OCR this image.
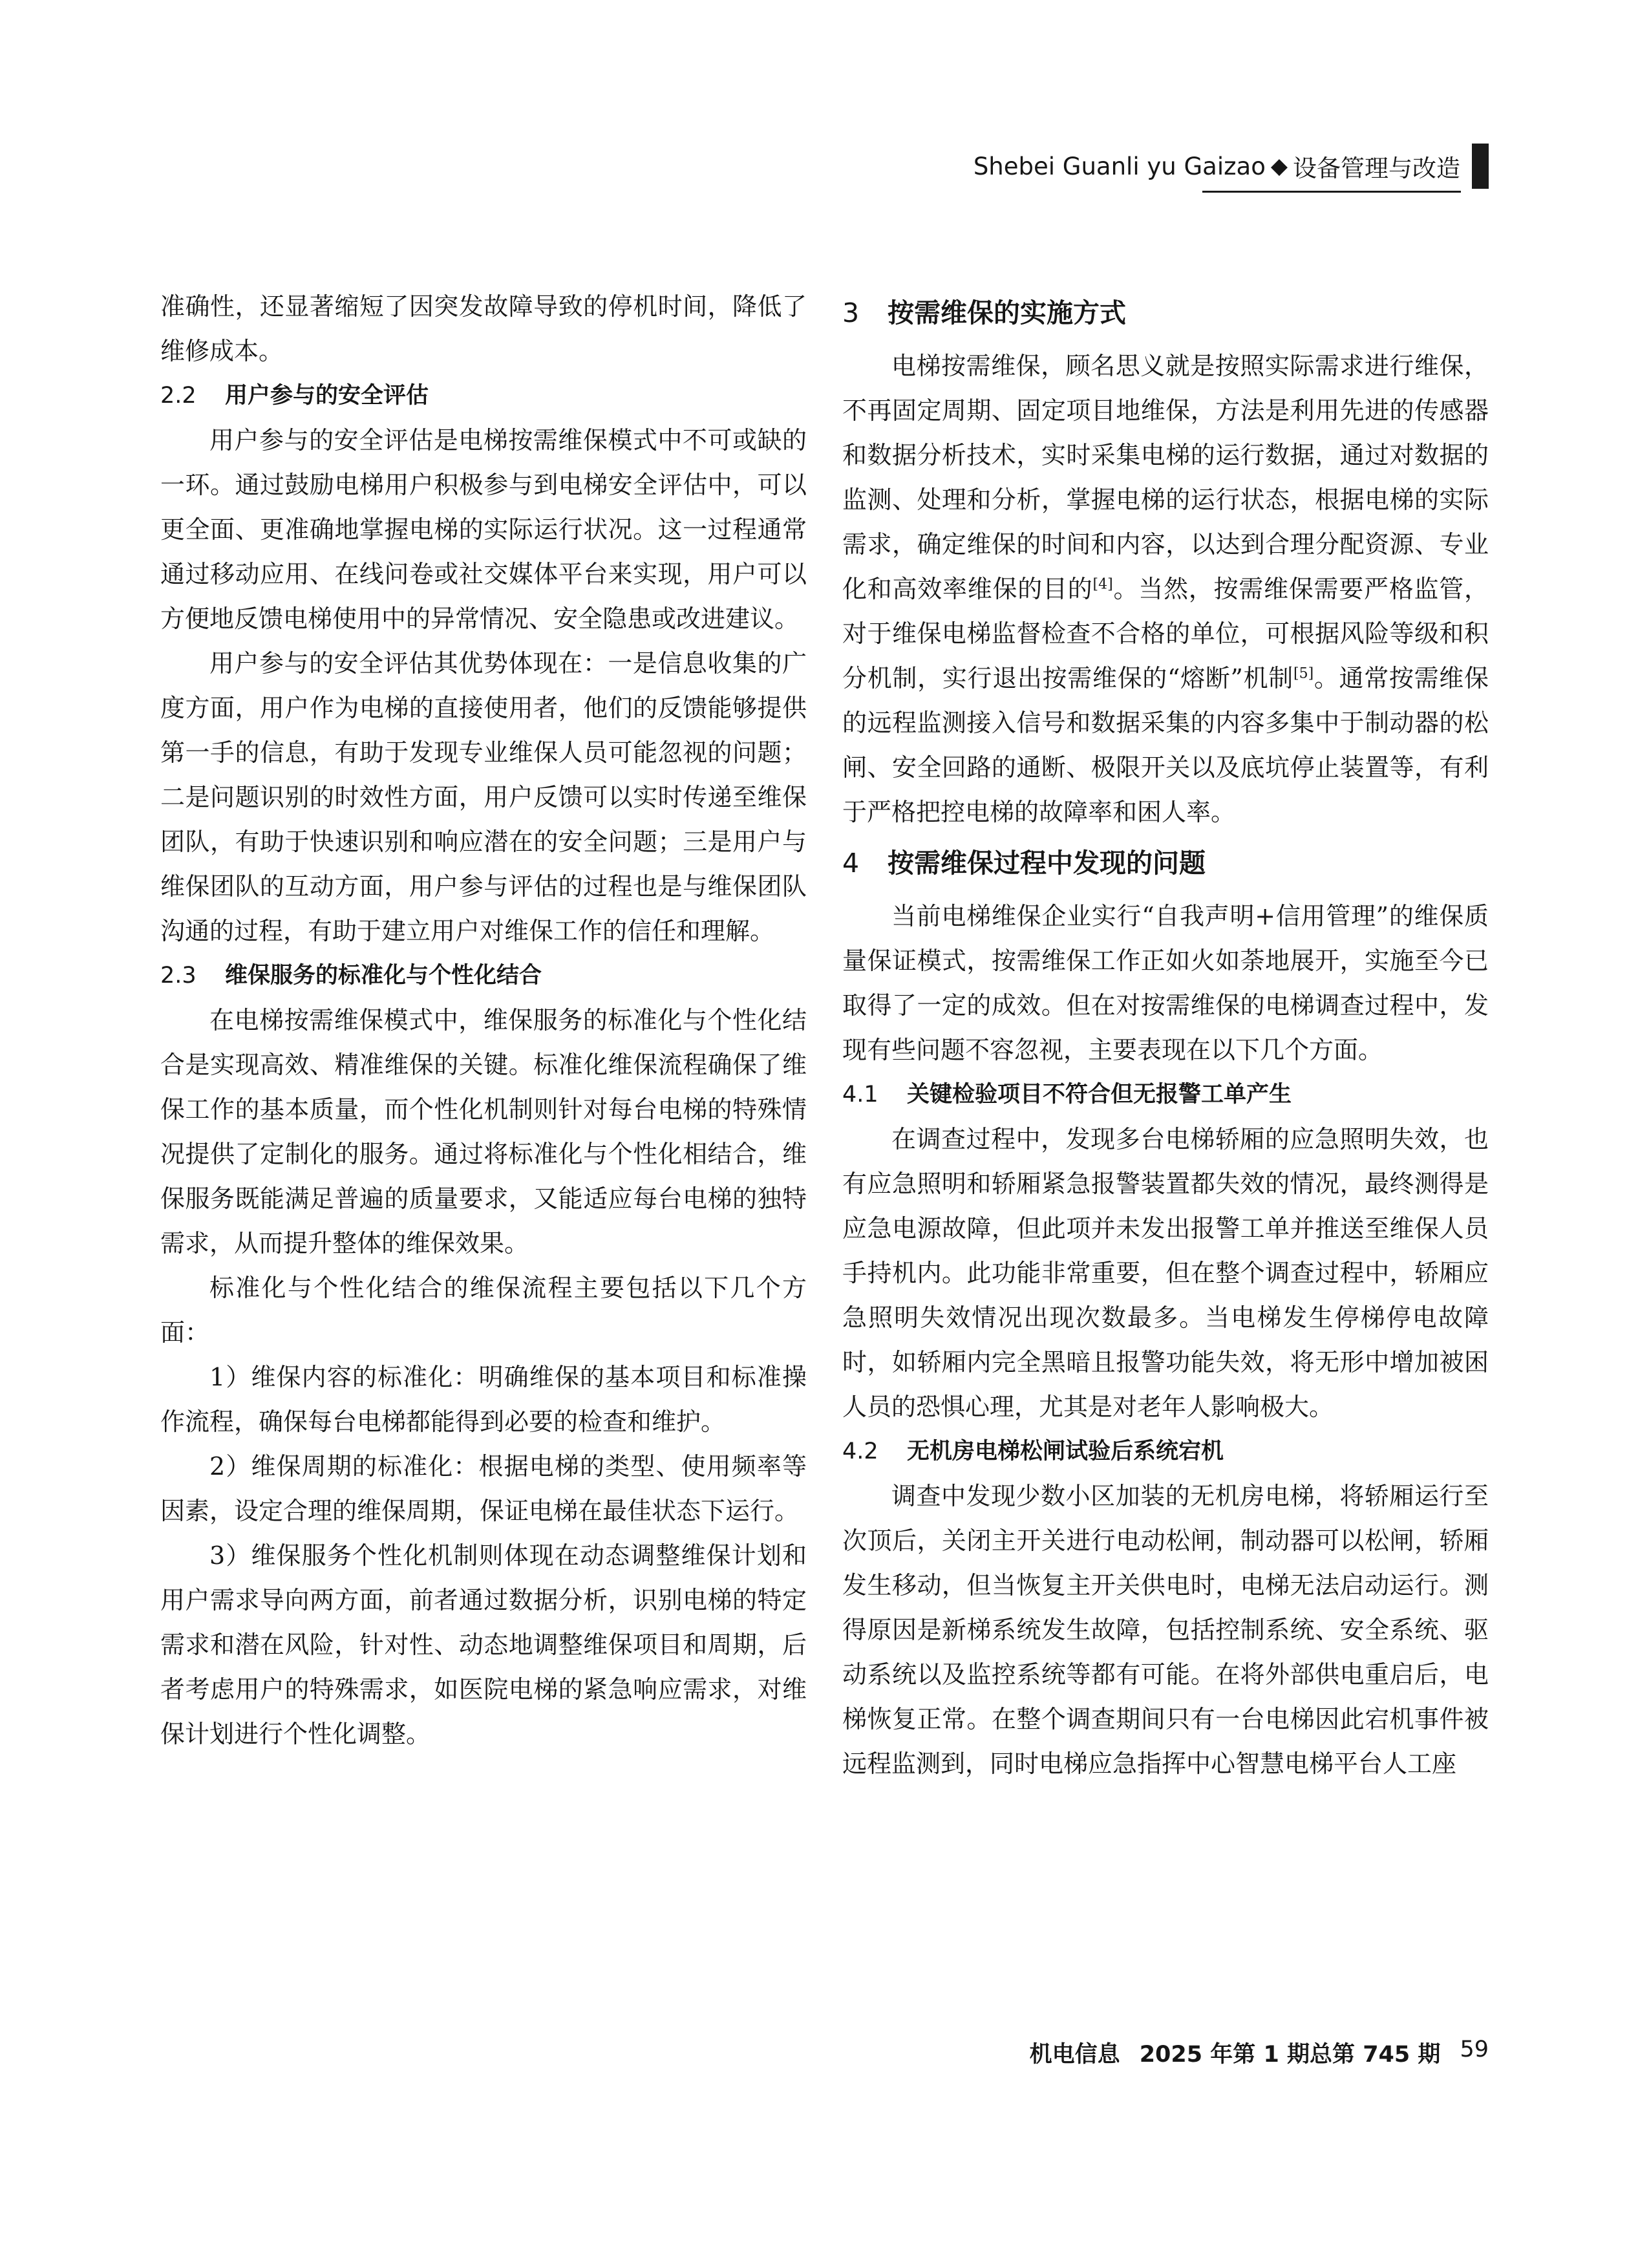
Shebei Guanli yu Gaizao ◆ 设备管理与改造

准确性，还显著缩短了因突发故障导致的停机时间，降低了维修成本。

2.2 用户参与的安全评估

用户参与的安全评估是电梯按需维保模式中不可或缺的一环。通过鼓励电梯用户积极参与到电梯安全评估中，可以更全面、更准确地掌握电梯的实际运行状况。这一过程通常通过移动应用、在线问卷或社交媒体平台来实现，用户可以方便地反馈电梯使用中的异常情况、安全隐患或改进建议。

用户参与的安全评估其优势体现在：一是信息收集的广度方面，用户作为电梯的直接使用者，他们的反馈能够提供第一手的信息，有助于发现专业维保人员可能忽视的问题；二是问题识别的时效性方面，用户反馈可以实时传递至维保团队，有助于快速识别和响应潜在的安全问题；三是用户与维保团队的互动方面，用户参与评估的过程也是与维保团队沟通的过程，有助于建立用户对维保工作的信任和理解。

2.3 维保服务的标准化与个性化结合

在电梯按需维保模式中，维保服务的标准化与个性化结合是实现高效、精准维保的关键。标准化维保流程确保了维保工作的基本质量，而个性化机制则针对每台电梯的特殊情况提供了定制化的服务。通过将标准化与个性化相结合，维保服务既能满足普遍的质量要求，又能适应每台电梯的独特需求，从而提升整体的维保效果。

标准化与个性化结合的维保流程主要包括以下几个方面：

1）维保内容的标准化：明确维保的基本项目和标准操作流程，确保每台电梯都能得到必要的检查和维护。

2）维保周期的标准化：根据电梯的类型、使用频率等因素，设定合理的维保周期，保证电梯在最佳状态下运行。

3）维保服务个性化机制则体现在动态调整维保计划和用户需求导向两方面，前者通过数据分析，识别电梯的特定需求和潜在风险，针对性、动态地调整维保项目和周期，后者考虑用户的特殊需求，如医院电梯的紧急响应需求，对维保计划进行个性化调整。

3 按需维保的实施方式

电梯按需维保，顾名思义就是按照实际需求进行维保，不再固定周期、固定项目地维保，方法是利用先进的传感器和数据分析技术，实时采集电梯的运行数据，通过对数据的监测、处理和分析，掌握电梯的运行状态，根据电梯的实际需求，确定维保的时间和内容，以达到合理分配资源、专业化和高效率维保的目的[4]。当然，按需维保需要严格监管，对于维保电梯监督检查不合格的单位，可根据风险等级和积分机制，实行退出按需维保的“熔断”机制[5]。通常按需维保的远程监测接入信号和数据采集的内容多集中于制动器的松闸、安全回路的通断、极限开关以及底坑停止装置等，有利于严格把控电梯的故障率和困人率。

4 按需维保过程中发现的问题

当前电梯维保企业实行“自我声明+信用管理”的维保质量保证模式，按需维保工作正如火如荼地展开，实施至今已取得了一定的成效。但在对按需维保的电梯调查过程中，发现有些问题不容忽视，主要表现在以下几个方面。

4.1 关键检验项目不符合但无报警工单产生

在调查过程中，发现多台电梯轿厢的应急照明失效，也有应急照明和轿厢紧急报警装置都失效的情况，最终测得是应急电源故障，但此项并未发出报警工单并推送至维保人员手持机内。此功能非常重要，但在整个调查过程中，轿厢应急照明失效情况出现次数最多。当电梯发生停梯停电故障时，如轿厢内完全黑暗且报警功能失效，将无形中增加被困人员的恐惧心理，尤其是对老年人影响极大。

4.2 无机房电梯松闸试验后系统宕机

调查中发现少数小区加装的无机房电梯，将轿厢运行至次顶后，关闭主开关进行电动松闸，制动器可以松闸，轿厢发生移动，但当恢复主开关供电时，电梯无法启动运行。测得原因是新梯系统发生故障，包括控制系统、安全系统、驱动系统以及监控系统等都有可能。在将外部供电重启后，电梯恢复正常。在整个调查期间只有一台电梯因此宕机事件被远程监测到，同时电梯应急指挥中心智慧电梯平台人工座

机电信息 2025 年第 1 期总第 745 期 59
